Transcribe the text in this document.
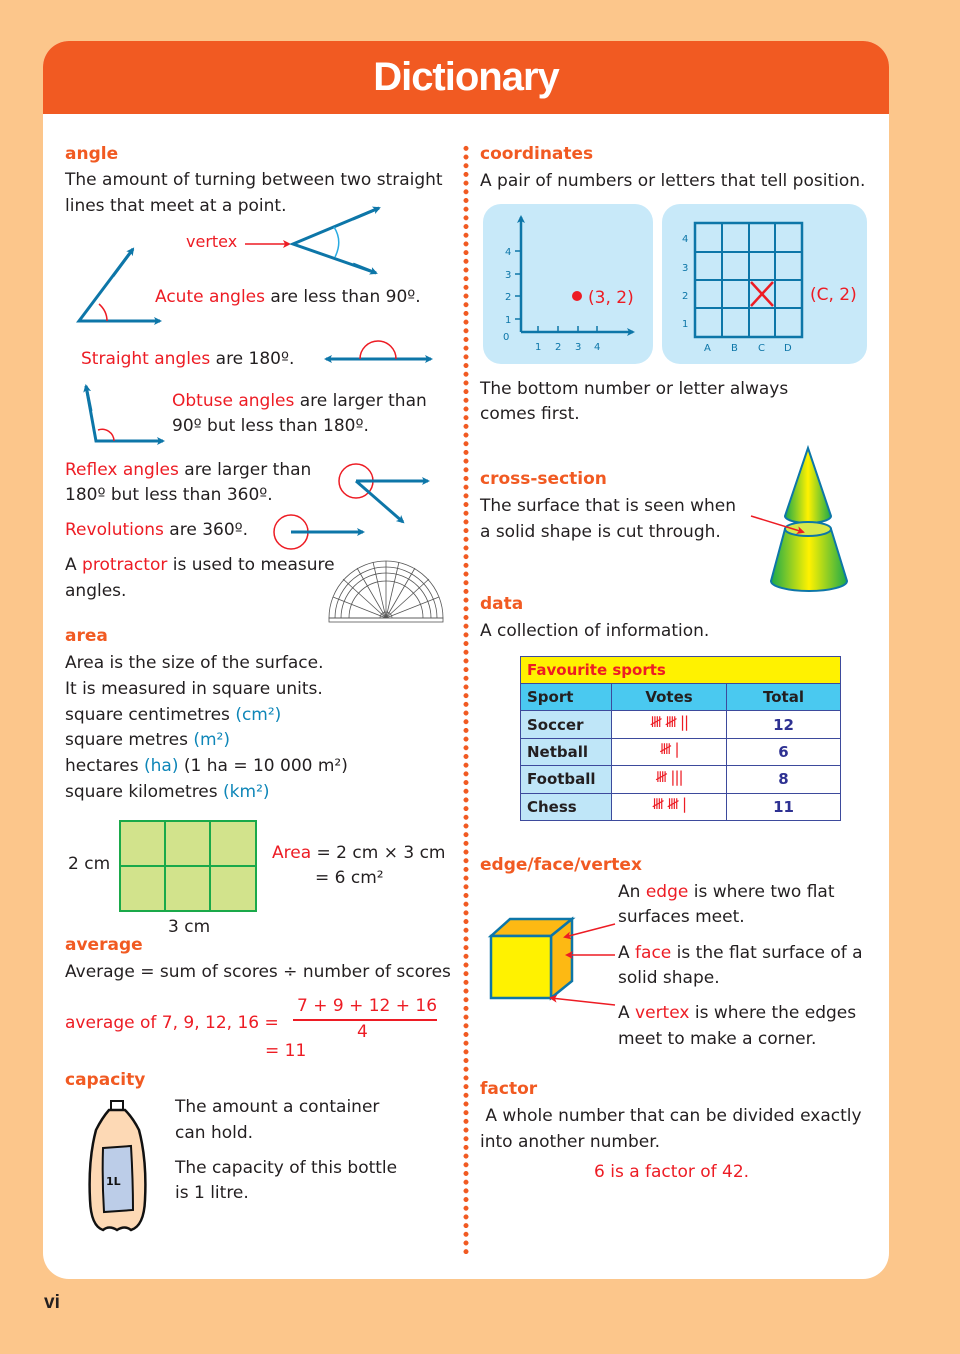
Dictionary
angle
The amount of turning between two straight
lines that meet at a point.
vertex
Acute angles are less than 90º.
Straight angles are 180º.
Obtuse angles are larger than
90º but less than 180º.
Reflex angles are larger than
180º but less than 360º.
Revolutions are 360º.
A protractor is used to measure
angles.
area
Area is the size of the surface.
It is measured in square units.
square centimetres (cm²)
square metres (m²)
hectares (ha) (1 ha = 10 000 m²)
square kilometres (km²)
2 cm
3 cm
Area = 2 cm × 3 cm
= 6 cm²
average
Average = sum of scores ÷ number of scores
average of 7, 9, 12, 16 =
7 + 9 + 12 + 16
4
= 11
capacity
1L
The amount a container
can hold.
The capacity of this bottle
is 1 litre.
coordinates
A pair of numbers or letters that tell position.
0
1
2
3
4
1 2 3 4
(3, 2)
1
2
3
4
A B C D
(C, 2)
The bottom number or letter always
comes first.
cross-section
The surface that is seen when
a solid shape is cut through.
data
A collection of information.
Favourite sports		
Sport	Votes	Total
Soccer	𝍸 𝍸 ||	12
Netball	𝍸 |	6
Football	𝍸 |||	8
Chess	𝍸 𝍸 |	11
edge/face/vertex
An edge is where two flat
surfaces meet.
A face is the flat surface of a
solid shape.
A vertex is where the edges
meet to make a corner.
factor
A whole number that can be divided exactly
into another number.
6 is a factor of 42.
vi
